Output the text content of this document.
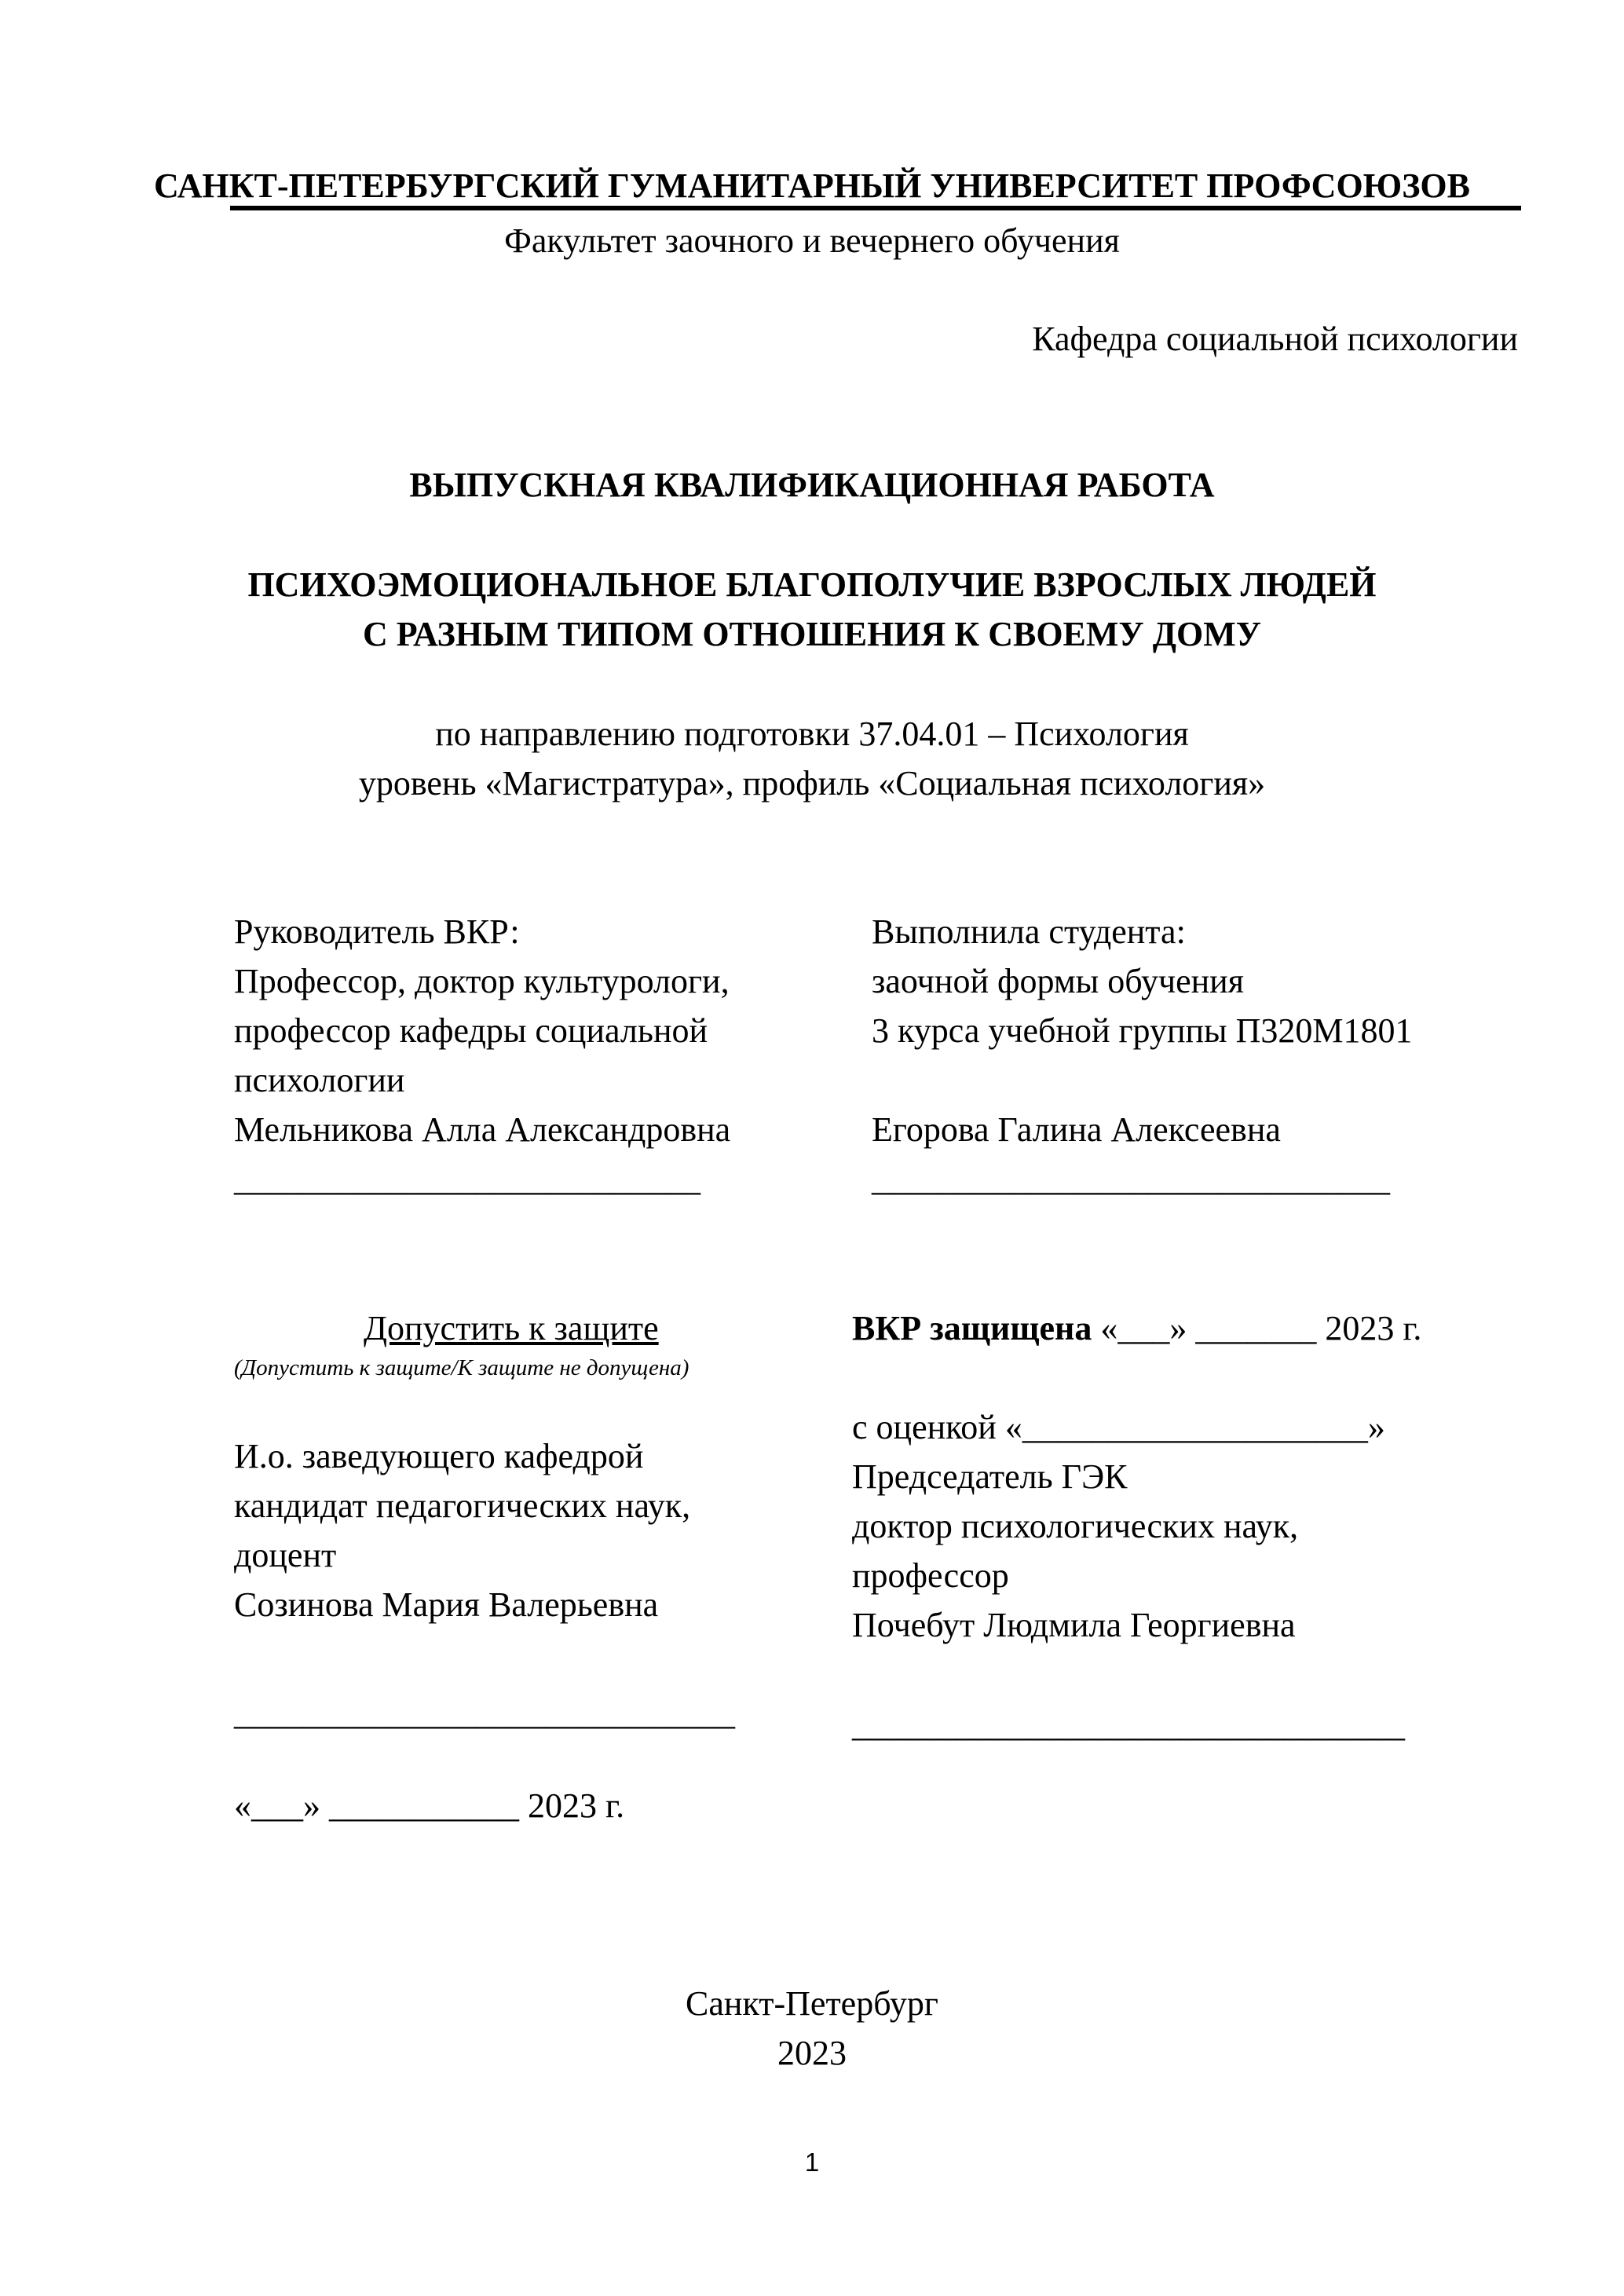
САНКТ-ПЕТЕРБУРГСКИЙ ГУМАНИТАРНЫЙ УНИВЕРСИТЕТ ПРОФСОЮЗОВ
Факультет заочного и вечернего обучения
Кафедра социальной психологии
ВЫПУСКНАЯ КВАЛИФИКАЦИОННАЯ РАБОТА
ПСИХОЭМОЦИОНАЛЬНОЕ БЛАГОПОЛУЧИЕ ВЗРОСЛЫХ ЛЮДЕЙ
С РАЗНЫМ ТИПОМ ОТНОШЕНИЯ К СВОЕМУ ДОМУ
по направлению подготовки 37.04.01 – Психология
уровень «Магистратура», профиль «Социальная психология»
Руководитель ВКР:
Профессор, доктор культурологи,
профессор кафедры социальной
психологии
Мельникова Алла Александровна
___________________________
Выполнила студента:
заочной формы обучения
3 курса учебной группы П320М1801
Егорова Галина Алексеевна
______________________________
Допустить к защите
(Допустить к защите/К защите не допущена)
И.о. заведующего кафедрой
кандидат педагогических наук,
доцент
Созинова Мария Валерьевна
_____________________________
«___» ___________ 2023 г.
ВКР защищена «___» _______ 2023 г.
с оценкой «____________________»
Председатель ГЭК
доктор психологических наук,
профессор
Почебут Людмила Георгиевна
________________________________
Санкт-Петербург
2023
1
